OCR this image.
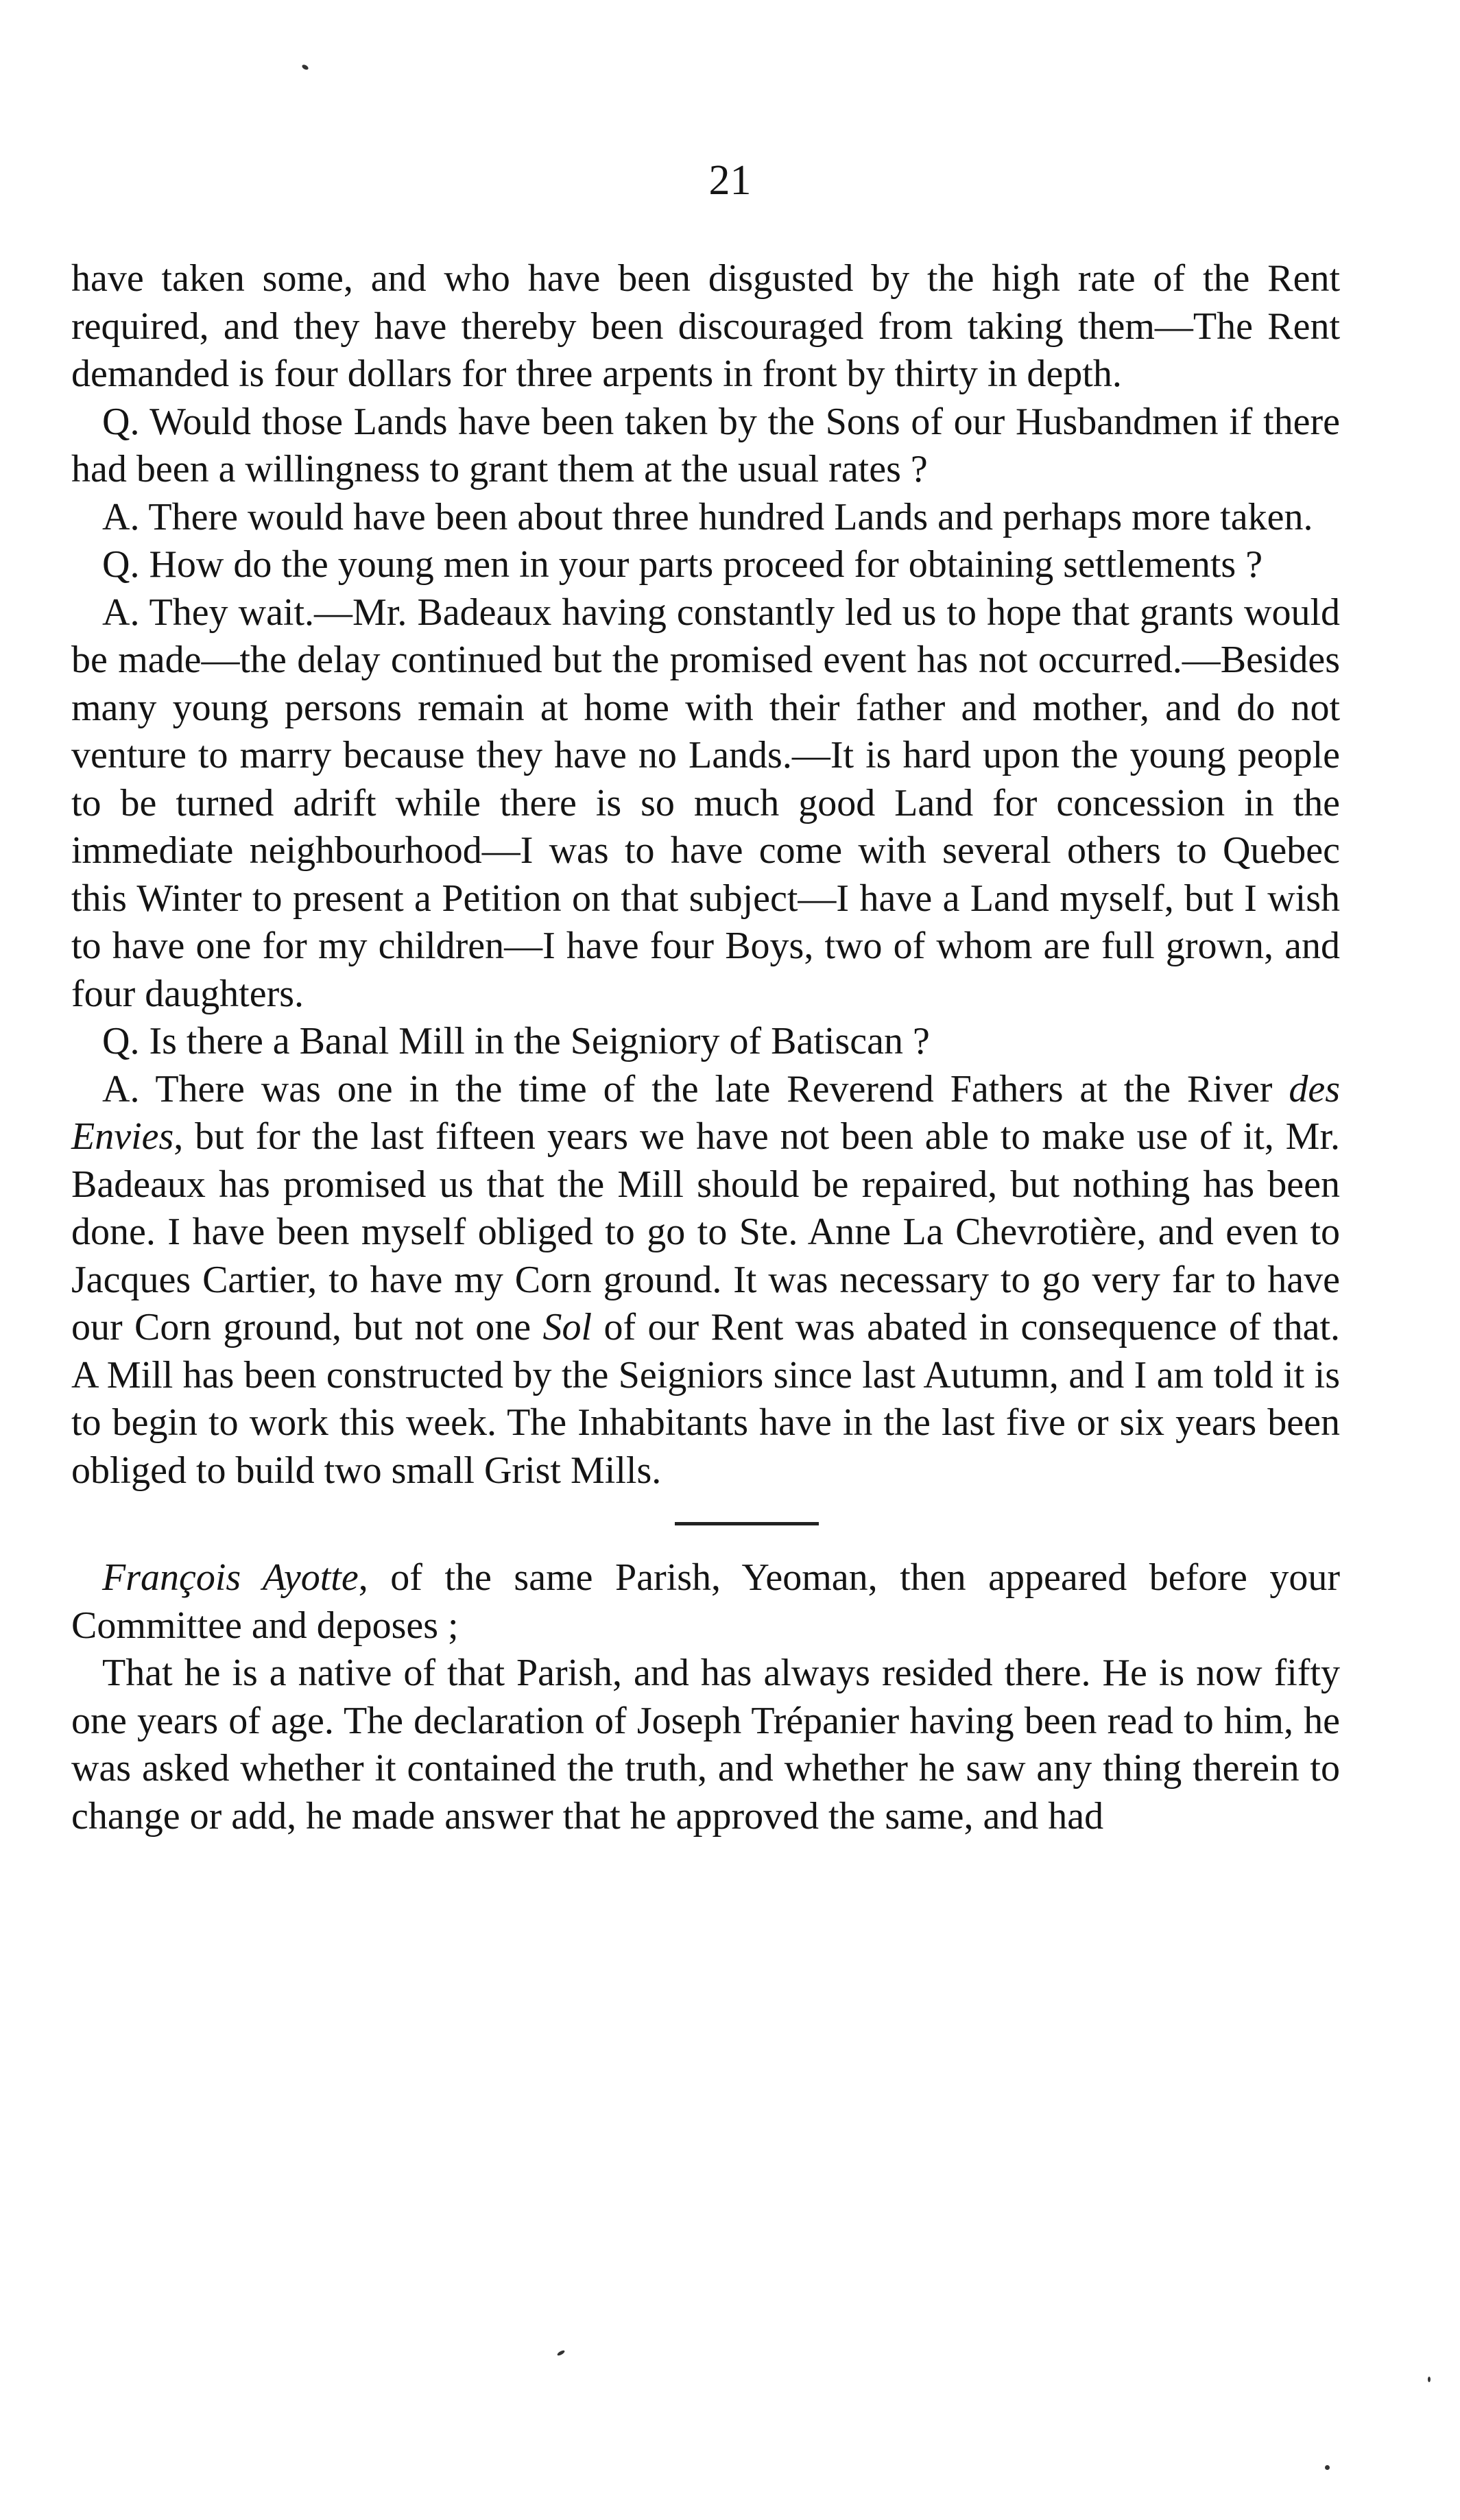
21

have taken some, and who have been disgusted by the high rate of the Rent required, and they have thereby been discouraged from taking them—The Rent demanded is four dollars for three arpents in front by thirty in depth.

Q. Would those Lands have been taken by the Sons of our Husbandmen if there had been a willingness to grant them at the usual rates ?

A. There would have been about three hundred Lands and perhaps more taken.

Q. How do the young men in your parts proceed for obtaining settlements ?

A. They wait.—Mr. Badeaux having constantly led us to hope that grants would be made—the delay continued but the promised event has not occurred.—Besides many young persons remain at home with their father and mother, and do not venture to marry because they have no Lands.—It is hard upon the young people to be turned adrift while there is so much good Land for concession in the immediate neighbourhood—I was to have come with several others to Quebec this Winter to present a Petition on that subject—I have a Land myself, but I wish to have one for my children—I have four Boys, two of whom are full grown, and four daughters.

Q. Is there a Banal Mill in the Seigniory of Batiscan ?

A. There was one in the time of the late Reverend Fathers at the River des Envies, but for the last fifteen years we have not been able to make use of it, Mr. Badeaux has promised us that the Mill should be repaired, but nothing has been done. I have been myself obliged to go to Ste. Anne La Chevrotière, and even to Jacques Cartier, to have my Corn ground. It was necessary to go very far to have our Corn ground, but not one Sol of our Rent was abated in consequence of that. A Mill has been constructed by the Seigniors since last Autumn, and I am told it is to begin to work this week. The Inhabitants have in the last five or six years been obliged to build two small Grist Mills.

François Ayotte, of the same Parish, Yeoman, then appeared before your Committee and deposes ;

That he is a native of that Parish, and has always resided there. He is now fifty one years of age. The declaration of Joseph Trépanier having been read to him, he was asked whether it contained the truth, and whether he saw any thing therein to change or add, he made answer that he approved the same, and had
